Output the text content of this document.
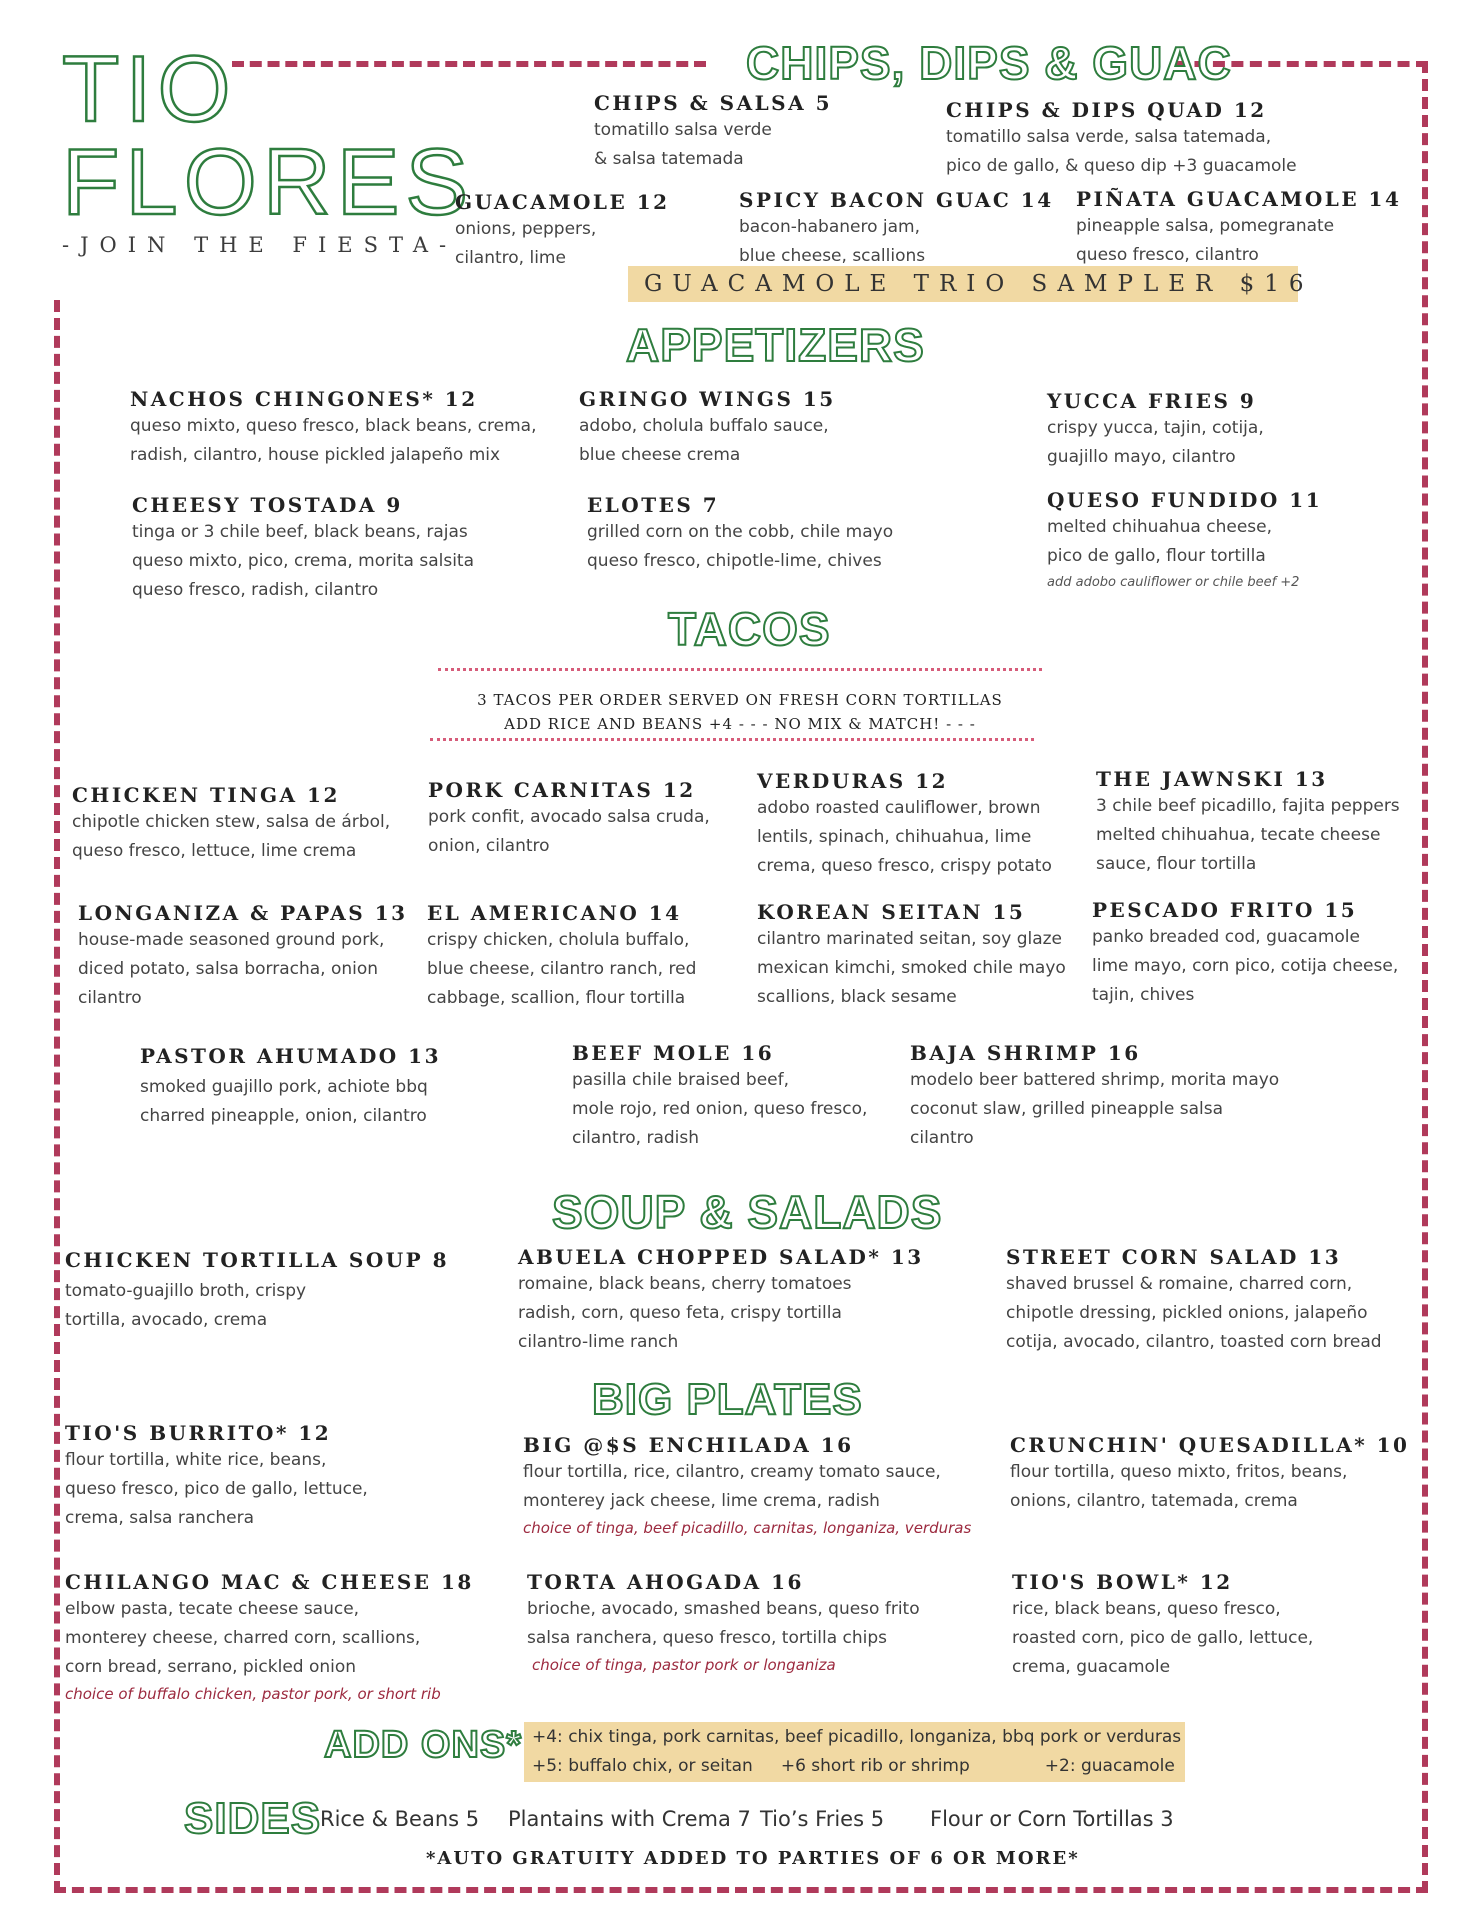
TIO
FLORES
-JOIN THE FIESTA-
CHIPS, DIPS & GUAC
APPETIZERS
TACOS
SOUP & SALADS
BIG PLATES
ADD ONS*
SIDES
CHIPS & SALSA 5
tomatillo salsa verde
& salsa tatemada
CHIPS & DIPS QUAD 12
tomatillo salsa verde, salsa tatemada,
pico de gallo, & queso dip +3 guacamole
GUACAMOLE 12
onions, peppers,
cilantro, lime
SPICY BACON GUAC 14
bacon-habanero jam,
blue cheese, scallions
PIÑATA GUACAMOLE 14
pineapple salsa, pomegranate
queso fresco, cilantro
GUACAMOLE TRIO SAMPLER $16
NACHOS CHINGONES* 12
queso mixto, queso fresco, black beans, crema,
radish, cilantro, house pickled jalapeño mix
GRINGO WINGS 15
adobo, cholula buffalo sauce,
blue cheese crema
YUCCA FRIES 9
crispy yucca, tajin, cotija,
guajillo mayo, cilantro
CHEESY TOSTADA 9
tinga or 3 chile beef, black beans, rajas
queso mixto, pico, crema, morita salsita
queso fresco, radish, cilantro
ELOTES 7
grilled corn on the cobb, chile mayo
queso fresco, chipotle-lime, chives
QUESO FUNDIDO 11
melted chihuahua cheese,
pico de gallo, flour tortilla
add adobo cauliflower or chile beef +2
3 TACOS PER ORDER SERVED ON FRESH CORN TORTILLAS
ADD RICE AND BEANS +4 - - - NO MIX & MATCH! - - -
CHICKEN TINGA 12
chipotle chicken stew, salsa de árbol,
queso fresco, lettuce, lime crema
PORK CARNITAS 12
pork confit, avocado salsa cruda,
onion, cilantro
VERDURAS 12
adobo roasted cauliflower, brown
lentils, spinach, chihuahua, lime
crema, queso fresco, crispy potato
THE JAWNSKI 13
3 chile beef picadillo, fajita peppers
melted chihuahua, tecate cheese
sauce, flour tortilla
LONGANIZA & PAPAS 13
house-made seasoned ground pork,
diced potato, salsa borracha, onion
cilantro
EL AMERICANO 14
crispy chicken, cholula buffalo,
blue cheese, cilantro ranch, red
cabbage, scallion, flour tortilla
KOREAN SEITAN 15
cilantro marinated seitan, soy glaze
mexican kimchi, smoked chile mayo
scallions, black sesame
PESCADO FRITO 15
panko breaded cod, guacamole
lime mayo, corn pico, cotija cheese,
tajin, chives
PASTOR AHUMADO 13
smoked guajillo pork, achiote bbq
charred pineapple, onion, cilantro
BEEF MOLE 16
pasilla chile braised beef,
mole rojo, red onion, queso fresco,
cilantro, radish
BAJA SHRIMP 16
modelo beer battered shrimp, morita mayo
coconut slaw, grilled pineapple salsa
cilantro
CHICKEN TORTILLA SOUP 8
tomato-guajillo broth, crispy
tortilla, avocado, crema
ABUELA CHOPPED SALAD* 13
romaine, black beans, cherry tomatoes
radish, corn, queso feta, crispy tortilla
cilantro-lime ranch
STREET CORN SALAD 13
shaved brussel & romaine, charred corn,
chipotle dressing, pickled onions, jalapeño
cotija, avocado, cilantro, toasted corn bread
TIO'S BURRITO* 12
flour tortilla, white rice, beans,
queso fresco, pico de gallo, lettuce,
crema, salsa ranchera
BIG @$S ENCHILADA 16
flour tortilla, rice, cilantro, creamy tomato sauce,
monterey jack cheese, lime crema, radish
choice of tinga, beef picadillo, carnitas, longaniza, verduras
CRUNCHIN' QUESADILLA* 10
flour tortilla, queso mixto, fritos, beans,
onions, cilantro, tatemada, crema
CHILANGO MAC & CHEESE 18
elbow pasta, tecate cheese sauce,
monterey cheese, charred corn, scallions,
corn bread, serrano, pickled onion
choice of buffalo chicken, pastor pork, or short rib
TORTA AHOGADA 16
brioche, avocado, smashed beans, queso frito
salsa ranchera, queso fresco, tortilla chips
choice of tinga, pastor pork or longaniza
TIO'S BOWL* 12
rice, black beans, queso fresco,
roasted corn, pico de gallo, lettuce,
crema, guacamole
+4: chix tinga, pork carnitas, beef picadillo, longaniza, bbq pork or verduras
+5: buffalo chix, or seitan +6 short rib or shrimp	+2: guacamole
Rice & Beans 5 Plantains with Crema 7 Tio’s Fries 5 Flour or Corn Tortillas 3
*AUTO GRATUITY ADDED TO PARTIES OF 6 OR MORE*
